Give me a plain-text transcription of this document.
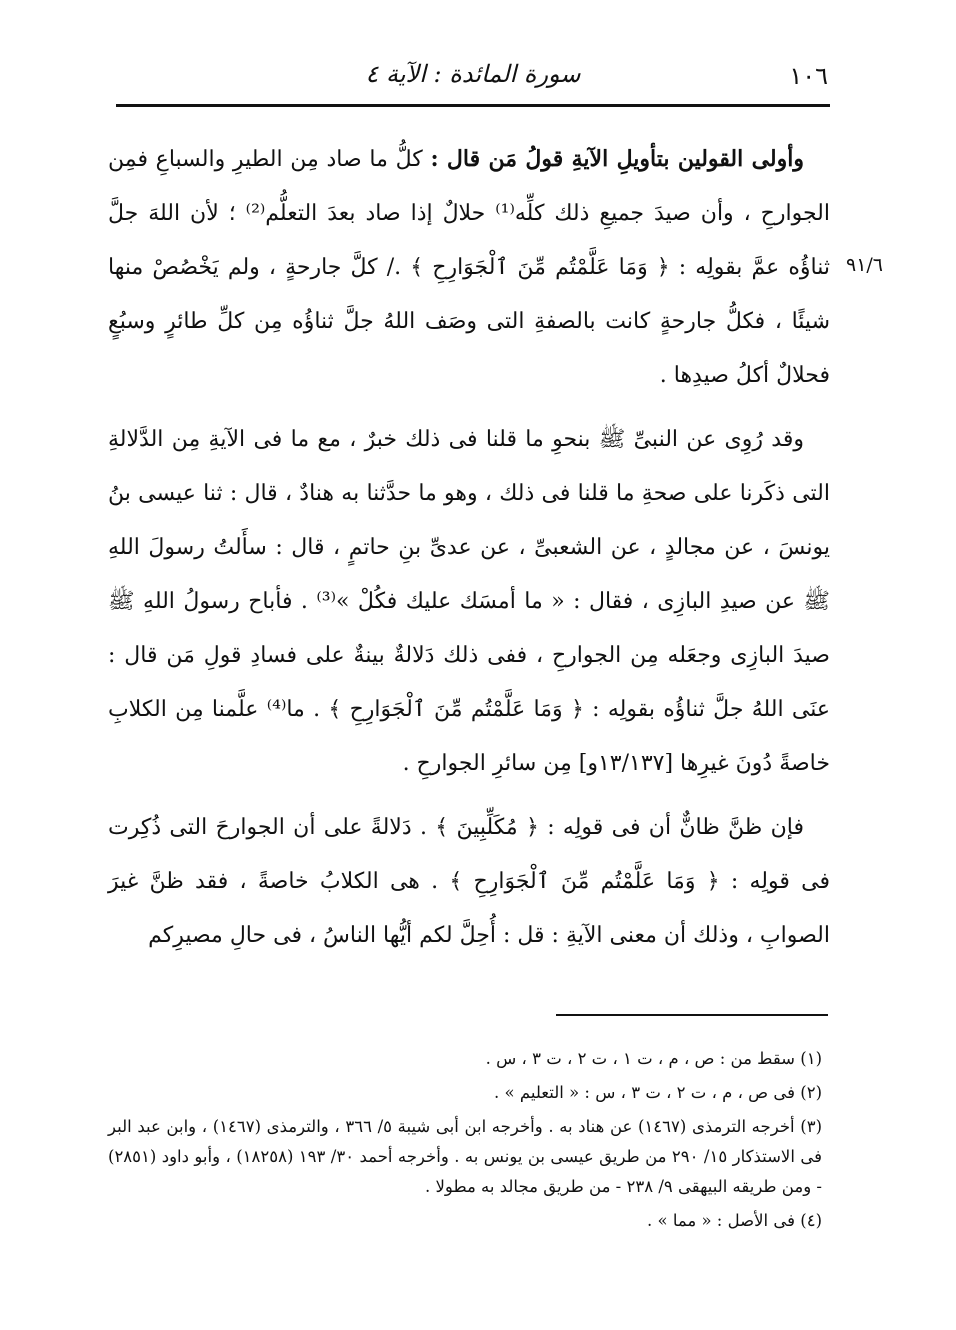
١٠٦
سورة المائدة : الآية ٤
٩١/٦

وأولى القولين بتأويلِ الآيةِ قولُ مَن قال : كلُّ ما صاد مِن الطيرِ والسباعِ فمِن الجوارحِ ، وأن صيدَ جميعِ ذلك كلِّه⁽¹⁾ حلالٌ إذا صاد بعدَ التعلُّم⁽²⁾ ؛ لأن اللهَ جلَّ ثناؤُه عمَّ بقولِه : ﴿ وَمَا عَلَّمْتُم مِّنَ ٱلْجَوَارِحِ ﴾ ./ كلَّ جارحةٍ ، ولم يَخْصُصْ منها شيئًا ، فكلُّ جارحةٍ كانت بالصفةِ التى وصَف اللهُ جلَّ ثناؤُه مِن كلِّ طائرٍ وسبُعٍ فحلالٌ أكلُ صيدِها .

وقد رُوِى عن النبىِّ ﷺ بنحوِ ما قلنا فى ذلك خبرٌ ، مع ما فى الآيةِ مِن الدَّلالةِ التى ذكَرنا على صحةِ ما قلنا فى ذلك ، وهو ما حدَّثنا به هنادٌ ، قال : ثنا عيسى بنُ يونسَ ، عن مجالدٍ ، عن الشعبىِّ ، عن عدىِّ بنِ حاتمٍ ، قال : سأَلتُ رسولَ اللهِ ﷺ عن صيدِ البازِى ، فقال : « ما أمسَك عليك فكُلْ »⁽³⁾ . فأباح رسولُ اللهِ ﷺ صيدَ البازِى وجعَله مِن الجوارحِ ، ففى ذلك دَلالةٌ بينةٌ على فسادِ قولِ مَن قال : عنَى اللهُ جلَّ ثناؤُه بقولِه : ﴿ وَمَا عَلَّمْتُم مِّنَ ٱلْجَوَارِحِ ﴾ . ما⁽⁴⁾ علَّمنا مِن الكلابِ خاصةً دُونَ غيرِها [١٣/١٣٧و] مِن سائرِ الجوارحِ .

فإن ظنَّ ظانٌّ أن فى قولِه : ﴿ مُكَلِّبِينَ ﴾ . دَلالةً على أن الجوارحَ التى ذُكِرت فى قولِه : ﴿ وَمَا عَلَّمْتُم مِّنَ ٱلْجَوَارِحِ ﴾ . هى الكلابُ خاصةً ، فقد ظنَّ غيرَ الصوابِ ، وذلك أن معنى الآيةِ : قل : أُحِلَّ لكم أيُّها الناسُ ، فى حالِ مصيرِكم

(١) سقط من : ص ، م ، ت ١ ، ت ٢ ، ت ٣ ، س .
(٢) فى ص ، م ، ت ٢ ، ت ٣ ، س : « التعليم » .
(٣) أخرجه الترمذى (١٤٦٧) عن هناد به . وأخرجه ابن أبى شيبة ٥/ ٣٦٦ ، والترمذى (١٤٦٧) ، وابن عبد البر فى الاستذكار ١٥/ ٢٩٠ من طريق عيسى بن يونس به . وأخرجه أحمد ٣٠/ ١٩٣ (١٨٢٥٨) ، وأبو داود (٢٨٥١) - ومن طريقه البيهقى ٩/ ٢٣٨ - من طريق مجالد به مطولا .
(٤) فى الأصل : « مما » .
